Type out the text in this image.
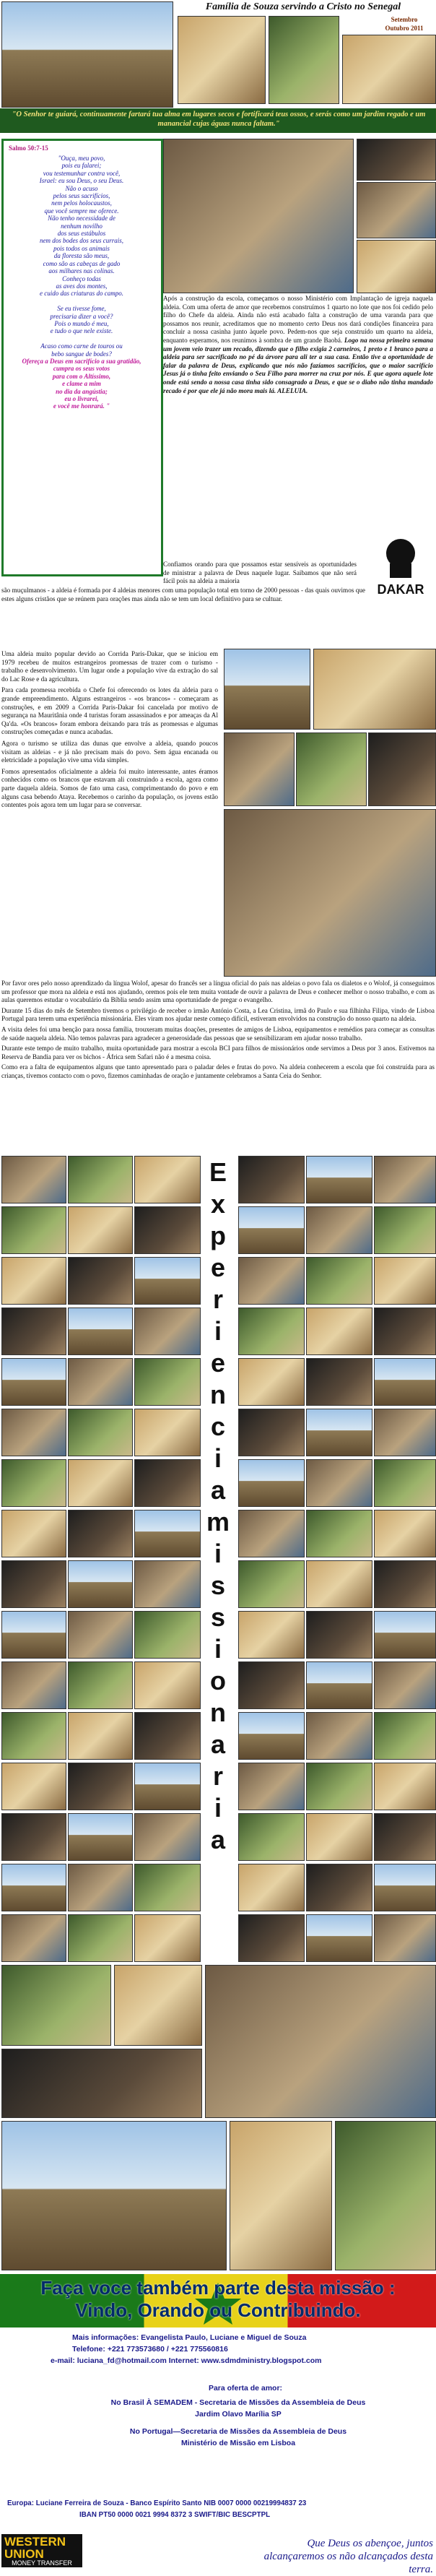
Família de Souza servindo a Cristo no Senegal
Setembro
Outubro 2011
"O Senhor te guiará, continuamente fartará tua alma em lugares secos e fortificará teus ossos, e serás como um jardim regado e um manancial cujas águas nunca faltam."
Salmo 50:7-15
"Ouça, meu povo,
pois eu falarei;
vou testemunhar contra você,
Israel: eu sou Deus, o seu Deus.
Não o acuso
pelos seus sacrifícios,
nem pelos holocaustos,
que você sempre me oferece.
Não tenho necessidade de
nenhum novilho
dos seus estábulos
nem dos bodes dos seus currais,
pois todos os animais
da floresta são meus,
como são as cabeças de gado
aos milhares nas colinas.
Conheço todas
as aves dos montes,
e cuido das criaturas do campo.

Se eu tivesse fome,
precisaria dizer a você?
Pois o mundo é meu,
e tudo o que nele existe.

Acaso como carne de touros ou
bebo sangue de bodes?
Ofereça a Deus em sacrifício a sua gratidão,
cumpra os seus votos
para com o Altíssimo,
e clame a mim
no dia da angústia;
eu o livrarei,
e você me honrará. "
Após a construção da escola, começamos o nosso Ministério com Implantação de igreja naquela aldeia. Com uma oferta de amor que recebemos construímos 1 quarto no lote que nos foi cedido pelo filho do Chefe da aldeia. Ainda não está acabado falta a construção de uma varanda para que possamos nos reunir, acreditamos que no momento certo Deus nos dará condições financeira para concluir a nossa casinha junto àquele povo. Pedem-nos que seja construído um quarto na aldeia, enquanto esperamos, nos reunimos à sombra de um grande Baobá. Logo na nossa primeira semana um jovem veio trazer um recado, dizendo que o filho exigia 2 carneiros, 1 preto e 1 branco para a aldeia para ser sacrificado no pé da árvore para ali ter a sua casa. Então tive a oportunidade de falar da palavra de Deus, explicando que nós não fazíamos sacrifícios, que o maior sacrifício Jesus já o tinha feito enviando o Seu Filho para morrer na cruz por nós. E que agora aquele lote onde está sendo a nossa casa tinha sido consagrado a Deus, e que se o diabo não tinha mandado recado é por que ele já não mora mais lá. ALELUIA.
Confiamos orando para que possamos estar sensíveis as oportunidades de ministrar a palavra de Deus naquele lugar. Saibamos que não será fácil pois na aldeia a maioria
DAKAR
são muçulmanos - a aldeia é formada por 4 aldeias menores com uma população total em torno de 2000 pessoas - das quais ouvimos que estes alguns cristãos que se reúnem para orações mas ainda não se tem um local definitivo para se cultuar.

Uma aldeia muito popular devido ao Corrida Paris-Dakar, que se iniciou em 1979 recebeu de muitos estrangeiros promessas de trazer com o turismo - trabalho e desenvolvimento. Um lugar onde a população vive da extração do sal do Lac Rose e da agricultura.

Para cada promessa recebida o Chefe foi oferecendo os lotes da aldeia para o grande empreendimento. Alguns estrangeiros - «os brancos» - começaram as construções, e em 2009 a Corrida Paris-Dakar foi cancelada por motivo de segurança na Mauritânia onde 4 turistas foram assassinados e por ameaças da Al Qa'da. «Os brancos» foram embora deixando para trás as promessas e algumas construções começadas e nunca acabadas.

Agora o turismo se utiliza das dunas que envolve a aldeia, quando poucos visitam as aldeias - e já não precisam mais do povo. Sem água encanada ou eletricidade a população vive uma vida simples.

Fomos apresentados oficialmente a aldeia foi muito interessante, antes éramos conhecidos como os brancos que estavam ali construindo a escola, agora como parte daquela aldeia. Somos de fato uma casa, comprimentando do povo e em alguns casa bebendo Ataya. Recebemos o carinho da população, os jovens estão contentes pois agora tem um lugar para se conversar.

Por favor ores pelo nosso aprendizado da língua Wolof, apesar do francês ser a língua oficial do país nas aldeias o povo fala os dialetos e o Wolof, já conseguimos um professor que mora na aldeia e está nos ajudando, oremos pois ele tem muita vontade de ouvir a palavra de Deus e conhecer melhor o nosso trabalho, e com as aulas queremos estudar o vocabulário da Bíblia sendo assim uma oportunidade de pregar o evangelho.

Durante 15 dias do mês de Setembro tivemos o privilégio de receber o irmão António Costa, a Lea Cristina, irmã do Paulo e sua filhinha Filipa, vindo de Lisboa Portugal para terem uma experiência missionária. Eles viram nos ajudar neste começo difícil, estiveram envolvidos na construção do nosso quarto na aldeia.

A visita deles foi uma benção para nossa família, trouxeram muitas doações, presentes de amigos de Lisboa, equipamentos e remédios para começar as consultas de saúde naquela aldeia. Não temos palavras para agradecer a generosidade das pessoas que se sensibilizaram em ajudar nosso trabalho.

Durante este tempo de muito trabalho, muita oportunidade para mostrar a escola BCI para filhos de missionários onde servimos a Deus por 3 anos. Estivemos na Reserva de Bandia para ver os bichos - África sem Safari não é a mesma coisa.

Como era a falta de equipamentos alguns que tanto apresentado para o paladar deles e frutas do povo. Na aldeia conhecerem a escola que foi construída para as crianças, tivemos contacto com o povo, fizemos caminhadas de oração e juntamente celebramos a Santa Ceia do Senhor.

E
x
p
e
r
i
e
n
c
i
a
m
i
s
s
i
o
n
a
r
i
a
Faça voce também parte desta missão : Vindo, Orando ou Contribuindo.
Mais informações: Evangelista Paulo, Luciane e Miguel de Souza
Telefone: +221 773573680 / +221 775560816
e-mail: luciana_fd@hotmail.com Internet: www.sdmdministry.blogspot.com
Para oferta de amor:
No Brasil À SEMADEM - Secretaria de Missões da Assembleia de Deus
Jardim Olavo Marília SP
No Portugal—Secretaria de Missões da Assembleia de Deus
Ministério de Missão em Lisboa
Europa: Luciane Ferreira de Souza - Banco Espírito Santo NIB 0007 0000 00219994837 23
IBAN PT50 0000 0021 9994 8372 3 SWIFT/BIC BESCPTPL
WESTERN UNION
MONEY TRANSFER
Que Deus os abençoe, juntos alcançaremos os não alcançados desta terra.
